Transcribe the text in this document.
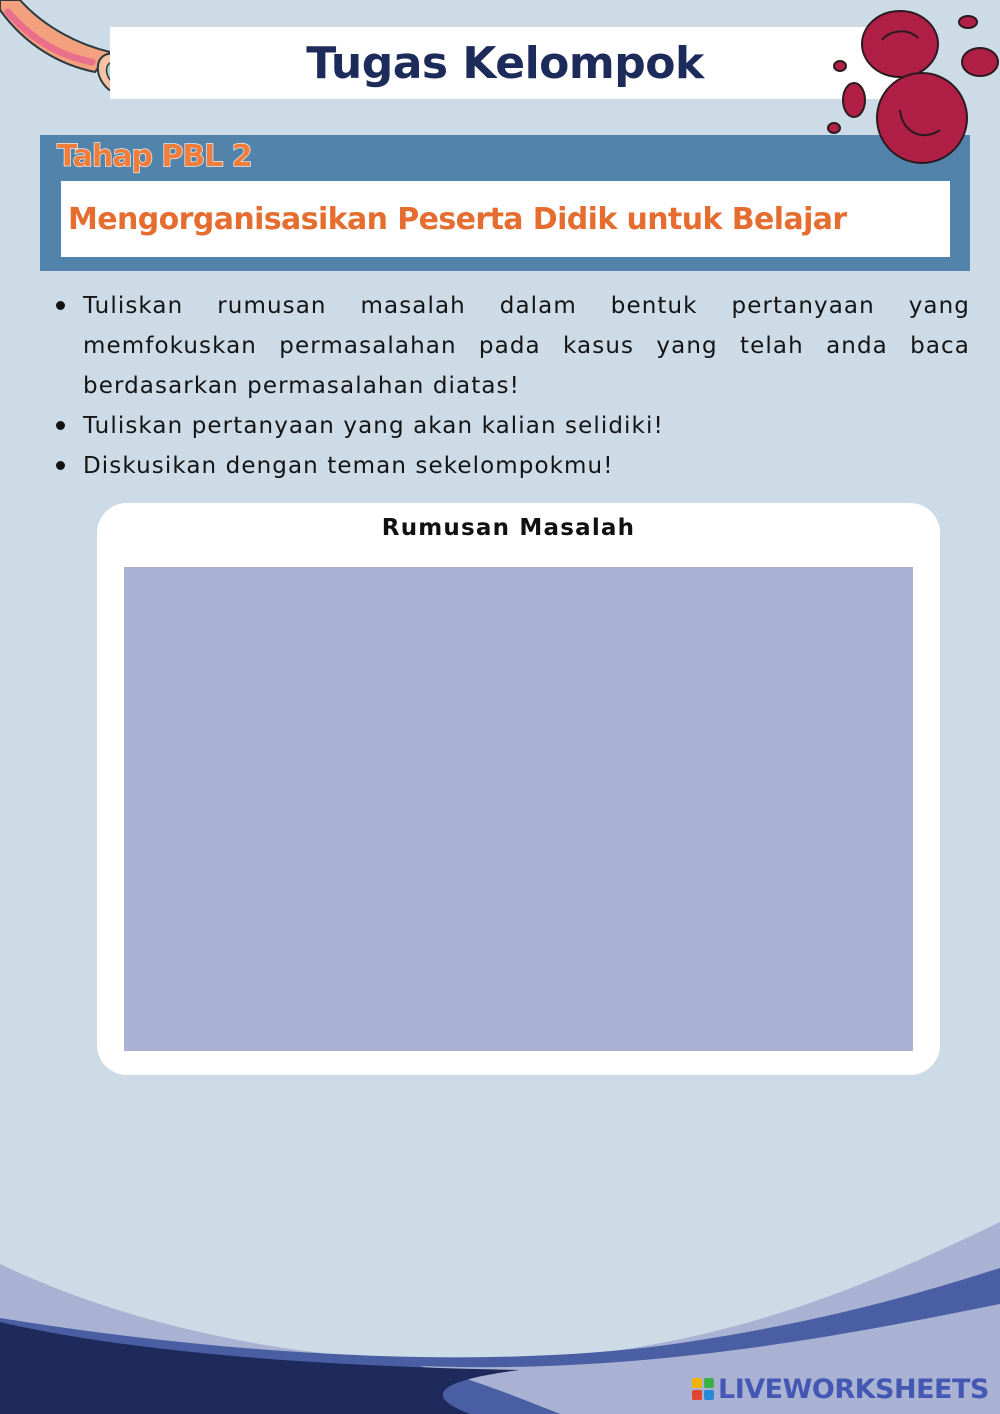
Tugas Kelompok
Tahap PBL 2
Mengorganisasikan Peserta Didik untuk Belajar
Tuliskan rumusan masalah dalam bentuk pertanyaan yang memfokuskan permasalahan pada kasus yang telah anda baca berdasarkan permasalahan diatas!
Tuliskan pertanyaan yang akan kalian selidiki!
Diskusikan dengan teman sekelompokmu!
Rumusan Masalah
LIVEWORKSHEETS
